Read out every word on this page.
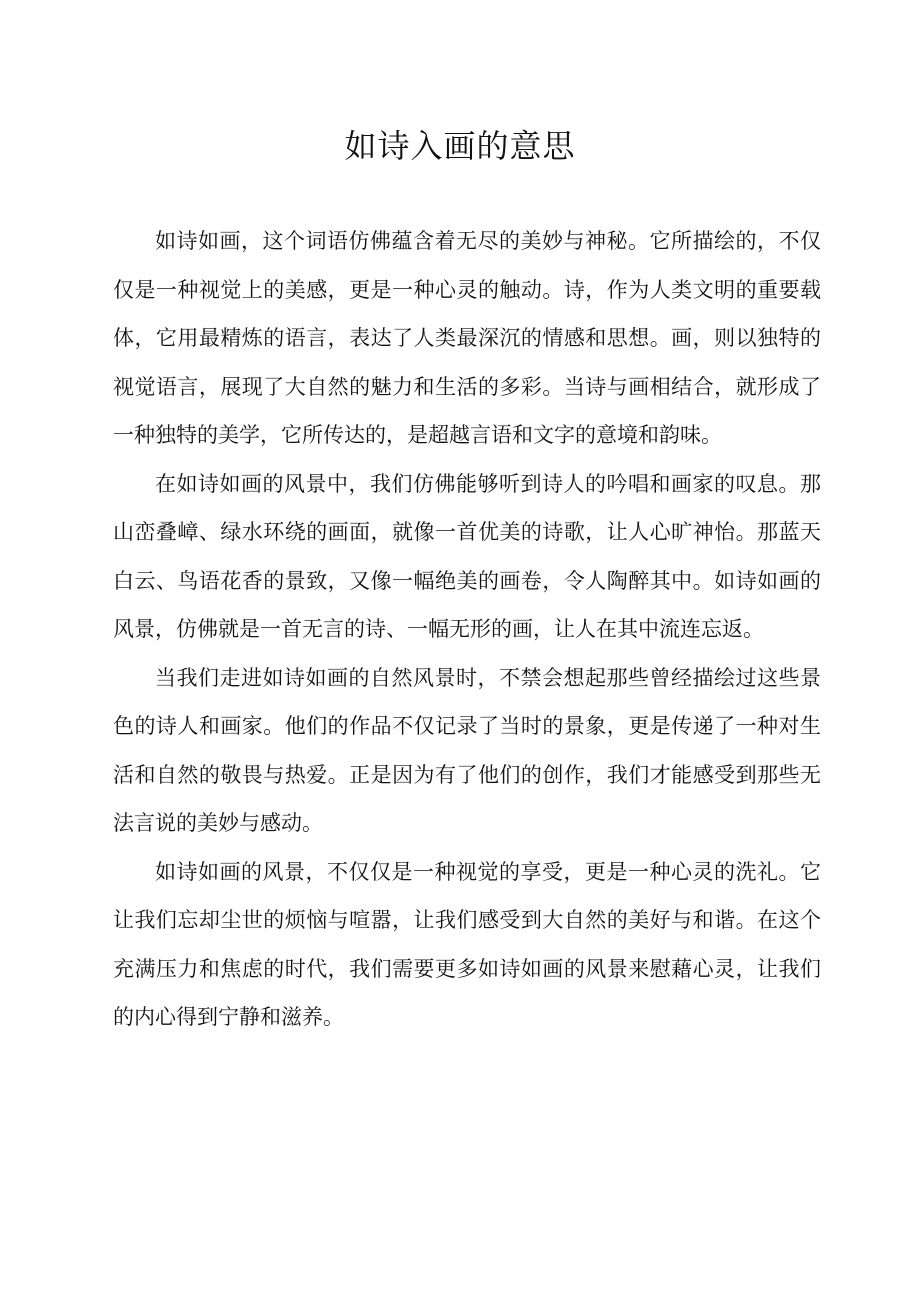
如诗入画的意思

如诗如画，这个词语仿佛蕴含着无尽的美妙与神秘。它所描绘的，不仅仅是一种视觉上的美感，更是一种心灵的触动。诗，作为人类文明的重要载体，它用最精炼的语言，表达了人类最深沉的情感和思想。画，则以独特的视觉语言，展现了大自然的魅力和生活的多彩。当诗与画相结合，就形成了一种独特的美学，它所传达的，是超越言语和文字的意境和韵味。

在如诗如画的风景中，我们仿佛能够听到诗人的吟唱和画家的叹息。那山峦叠嶂、绿水环绕的画面，就像一首优美的诗歌，让人心旷神怡。那蓝天白云、鸟语花香的景致，又像一幅绝美的画卷，令人陶醉其中。如诗如画的风景，仿佛就是一首无言的诗、一幅无形的画，让人在其中流连忘返。

当我们走进如诗如画的自然风景时，不禁会想起那些曾经描绘过这些景色的诗人和画家。他们的作品不仅记录了当时的景象，更是传递了一种对生活和自然的敬畏与热爱。正是因为有了他们的创作，我们才能感受到那些无法言说的美妙与感动。

如诗如画的风景，不仅仅是一种视觉的享受，更是一种心灵的洗礼。它让我们忘却尘世的烦恼与喧嚣，让我们感受到大自然的美好与和谐。在这个充满压力和焦虑的时代，我们需要更多如诗如画的风景来慰藉心灵，让我们的内心得到宁静和滋养。
